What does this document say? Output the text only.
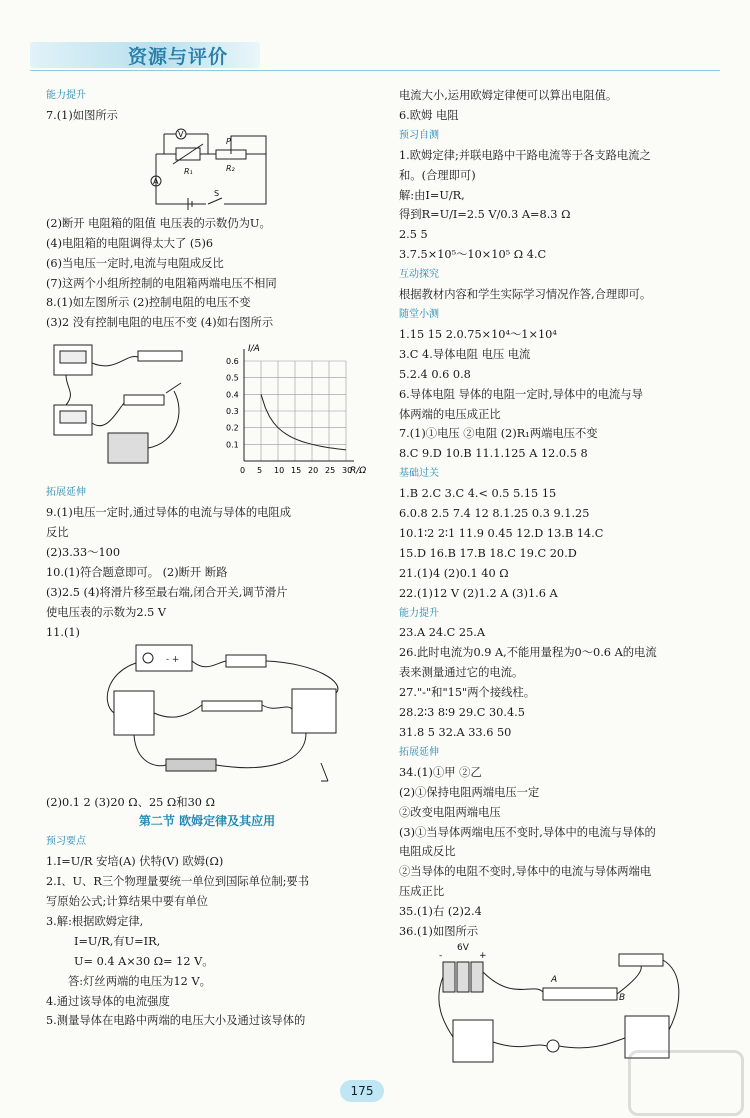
资源与评价
能力提升
7.(1)如图所示
V
A
R₁	R₂
P
S
(2)断开 电阻箱的阻值 电压表的示数仍为U。
(4)电阻箱的电阻调得太大了 (5)6
(6)当电压一定时,电流与电阻成反比
(7)这两个小组所控制的电阻箱两端电压不相同
8.(1)如左图所示 (2)控制电阻的电压不变
(3)2 没有控制电阻的电压不变 (4)如右图所示
0 5 10 15 20 25 30
0.6
0.5
0.4
0.3
0.2
0.1
I/A
R/Ω
拓展延伸
9.(1)电压一定时,通过导体的电流与导体的电阻成
反比
(2)3.33～100
10.(1)符合题意即可。 (2)断开 断路
(3)2.5 (4)将滑片移至最右端,闭合开关,调节滑片
使电压表的示数为2.5 V
11.(1)
- +
(2)0.1 2 (3)20 Ω、25 Ω和30 Ω
第二节 欧姆定律及其应用
预习要点
1.I=U/R 安培(A) 伏特(V) 欧姆(Ω)
2.I、U、R三个物理量要统一单位到国际单位制;要书
写原始公式;计算结果中要有单位
3.解:根据欧姆定律,
I=U/R,有U=IR,
U= 0.4 A×30 Ω= 12 V。
答:灯丝两端的电压为12 V。
4.通过该导体的电流强度
5.测量导体在电路中两端的电压大小及通过该导体的
电流大小,运用欧姆定律便可以算出电阻值。
6.欧姆 电阻
预习自测
1.欧姆定律;并联电路中干路电流等于各支路电流之
和。(合理即可)
解:由I=U/R,
得到R=U/I=2.5 V/0.3 A=8.3 Ω
2.5 5
3.7.5×10⁵～10×10⁵ Ω 4.C
互动探究
根据教材内容和学生实际学习情况作答,合理即可。
随堂小测
1.15 15 2.0.75×10⁴～1×10⁴
3.C 4.导体电阻 电压 电流
5.2.4 0.6 0.8
6.导体电阻 导体的电阻一定时,导体中的电流与导
体两端的电压成正比
7.(1)①电压 ②电阻 (2)R₁两端电压不变
8.C 9.D 10.B 11.1.125 A 12.0.5 8
基础过关
1.B 2.C 3.C 4.< 0.5 5.15 15
6.0.8 2.5 7.4 12 8.1.25 0.3 9.1.25
10.1∶2 2∶1 11.9 0.45 12.D 13.B 14.C
15.D 16.B 17.B 18.C 19.C 20.D
21.(1)4 (2)0.1 40 Ω
22.(1)12 V (2)1.2 A (3)1.6 A
能力提升
23.A 24.C 25.A
26.此时电流为0.9 A,不能用量程为0～0.6 A的电流
表来测量通过它的电流。
27."-"和"15"两个接线柱。
28.2∶3 8∶9 29.C 30.4.5
31.8 5 32.A 33.6 50
拓展延伸
34.(1)①甲 ②乙
(2)①保持电阻两端电压一定
②改变电阻两端电压
(3)①当导体两端电压不变时,导体中的电流与导体的
电阻成反比
②当导体的电阻不变时,导体中的电流与导体两端电
压成正比
35.(1)右 (2)2.4
36.(1)如图所示
6V
-	+
A
B
175
